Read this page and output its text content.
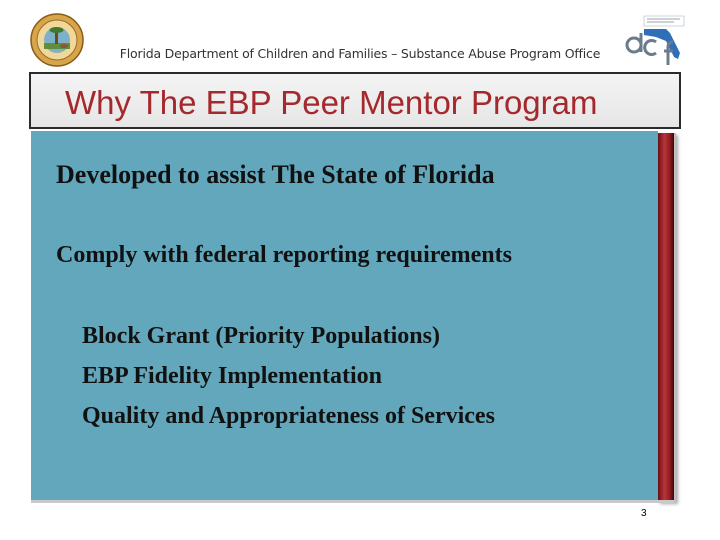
Florida Department of Children and Families – Substance Abuse Program Office
Why The EBP Peer Mentor Program
Developed to assist The State of Florida
Comply with federal reporting requirements
Block Grant (Priority Populations)
EBP Fidelity Implementation
Quality and Appropriateness of Services
3
